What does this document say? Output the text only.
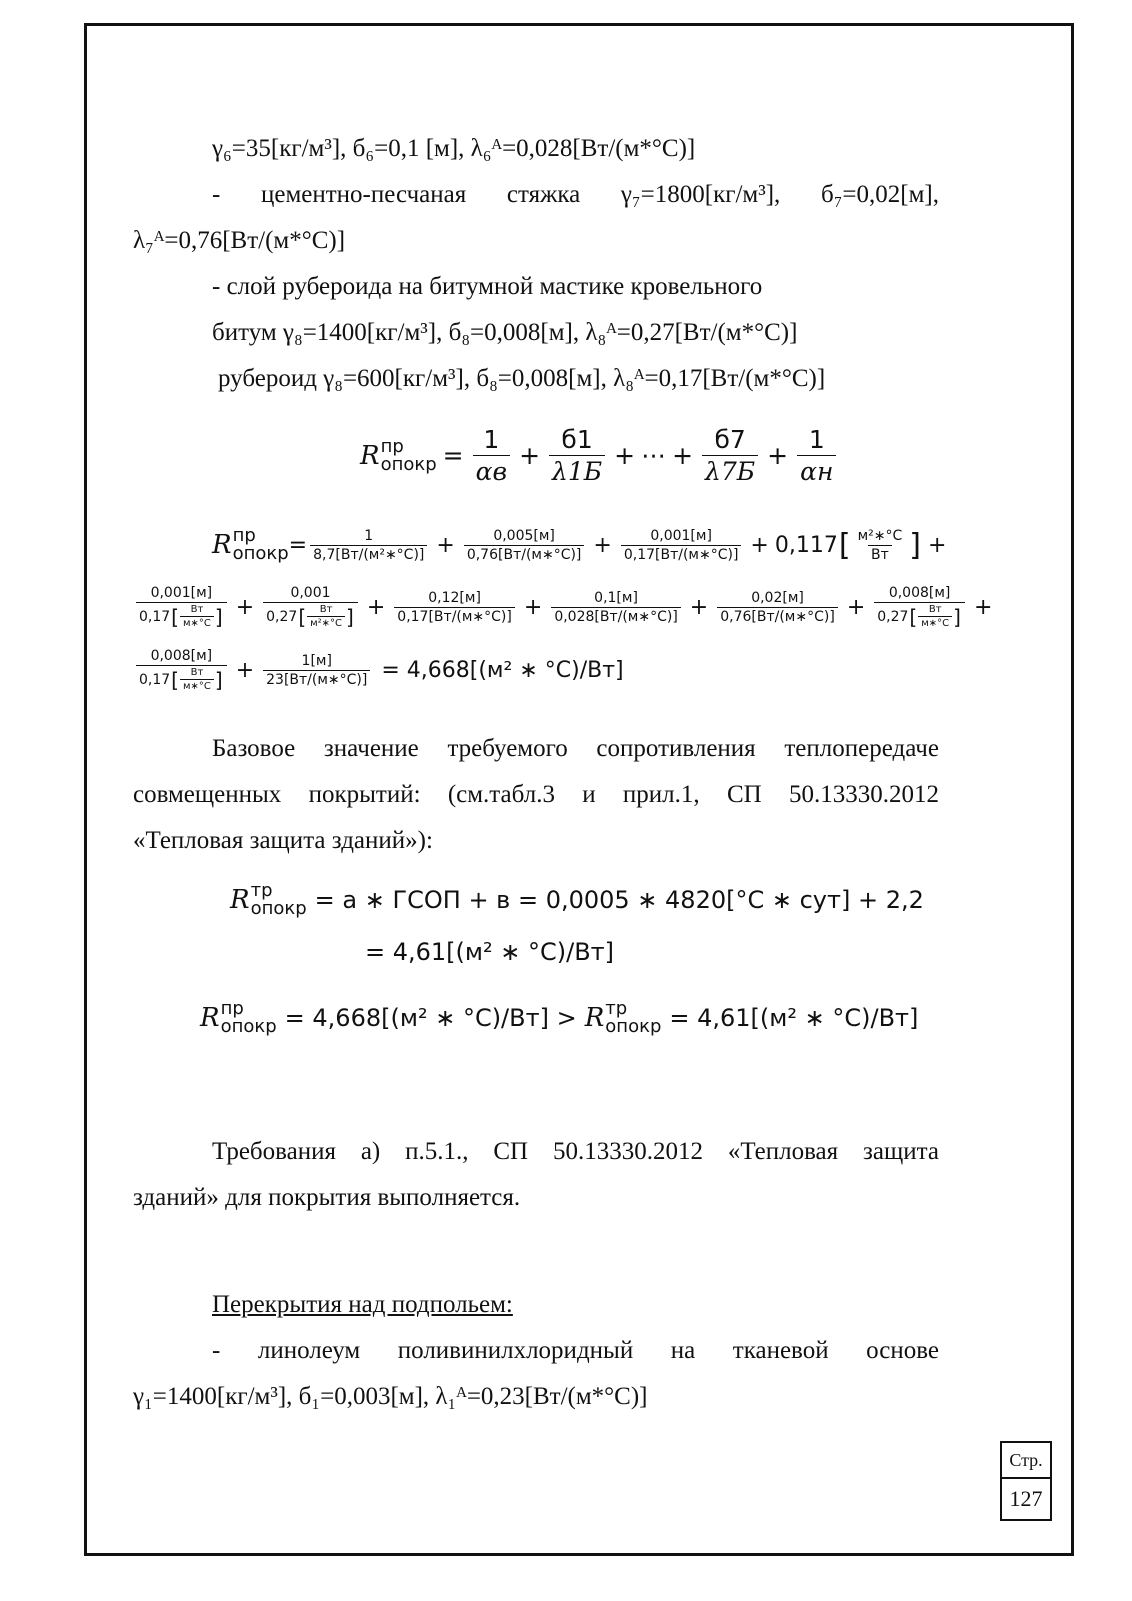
γ₆=35[кг/м³], б₆=0,1 [м], λ₆ᴬ=0,028[Вт/(м*°С)]
- цементно-песчаная стяжка γ₇=1800[кг/м³], б₇=0,02[м],
λ₇ᴬ=0,76[Вт/(м*°С)]
- слой рубероида на битумной мастике кровельного
битум γ₈=1400[кг/м³], б₈=0,008[м], λ₈ᴬ=0,27[Вт/(м*°С)]
рубероид γ₈=600[кг/м³], б₈=0,008[м], λ₈ᴬ=0,17[Вт/(м*°С)]
R пр
опокр = $\frac{1}{\alpha в} + \frac{б1}{\lambda 1Б}$ + ⋯ + $\frac{б7}{\lambda 7Б} + \frac{1}{\alpha н}$
R пр
опокр = $\frac{1}{\text{8,7[Вт/(м²∗°С)]}} + \frac{0,005[м]}{0,76[Вт/(м∗^\circ С)]} + \frac{0,001[м]}{0,17[Вт/(м∗^\circ С)]} + 0,117$ [ $\frac{\text{м²∗°С}}{Вт}$ ] +
$\frac{0,001[м]}{0,17 [ \frac{Вт}{м∗^\circ С} ]} + \frac{0,001}{0,27 [ \frac{Вт}{\text{м²∗°С}} ]} + \frac{0,12[м]}{0,17[Вт/(м∗^\circ С)]} + \frac{0,1[м]}{0,028[Вт/(м∗^\circ С)]} + \frac{0,02[м]}{0,76[Вт/(м∗^\circ С)]} + \frac{0,008[м]}{0,27 [ \frac{Вт}{м∗^\circ С} ]}$ +
$\frac{0,008[м]}{0,17 [ \frac{Вт}{м∗^\circ С} ]} + \frac{1[м]}{23[Вт/(м∗^\circ С)]} = 4,668[(м^2$ ∗ °С)/Вт]
Базовое значение требуемого сопротивления теплопередаче
совмещенных покрытий: (см.табл.3 и прил.1, СП 50.13330.2012
«Тепловая защита зданий»):
R тр
опокр = а ∗ ГСОП + в = 0,0005 ∗ 4820[°С ∗ сут] + 2,2
= 4,61[(м² ∗ °С)/Вт]
R пр
опокр = 4,668[(м² ∗ °С)/Вт] > R тр
опокр = 4,61[(м² ∗ °С)/Вт]
Требования а) п.5.1., СП 50.13330.2012 «Тепловая защита
зданий» для покрытия выполняется.
Перекрытия над подпольем:
- линолеум поливинилхлоридный на тканевой основе
γ₁=1400[кг/м³], б₁=0,003[м], λ₁ᴬ=0,23[Вт/(м*°С)]
Стр.
127
